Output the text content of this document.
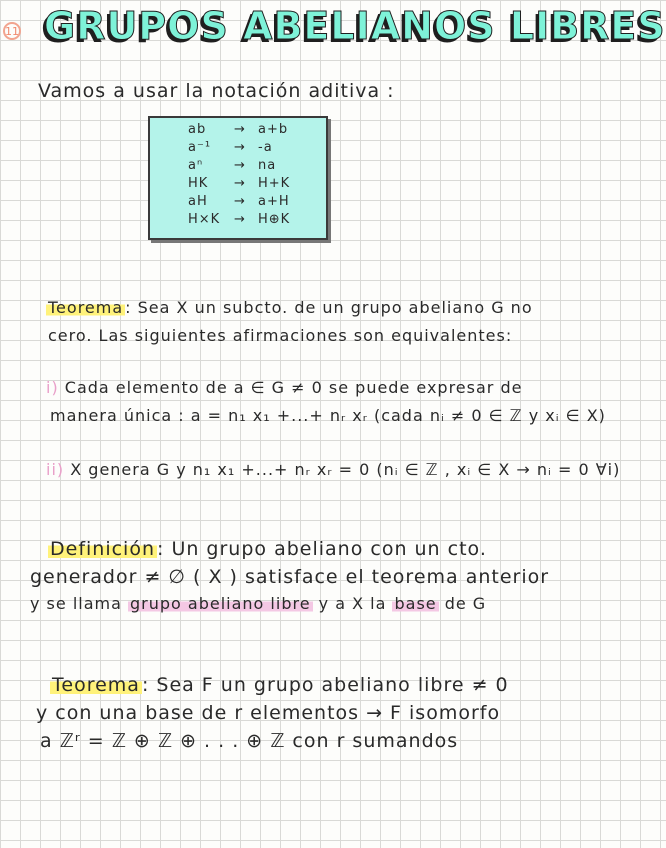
11 GRUPOS ABELIANOS LIBRES
Vamos a usar la notación aditiva :
ab → a+b
a⁻¹ → -a
aⁿ → na
HK → H+K
aH → a+H
H×K → H⊕K
Teorema : Sea X un subcto. de un grupo abeliano G no
cero. Las siguientes afirmaciones son equivalentes:
i) Cada elemento de a ∈ G ≠ 0 se puede expresar de
manera única : a = n₁ x₁ +...+ nᵣ xᵣ (cada nᵢ ≠ 0 ∈ ℤ y xᵢ ∈ X)
ii) X genera G y n₁ x₁ +...+ nᵣ xᵣ = 0 (nᵢ ∈ ℤ , xᵢ ∈ X → nᵢ = 0 ∀i)
Definición : Un grupo abeliano con un cto.
generador ≠ ∅ ( X ) satisface el teorema anterior
y se llama grupo abeliano libre y a X la base de G
Teorema : Sea F un grupo abeliano libre ≠ 0
y con una base de r elementos → F isomorfo
a ℤʳ = ℤ ⊕ ℤ ⊕ . . . ⊕ ℤ con r sumandos
